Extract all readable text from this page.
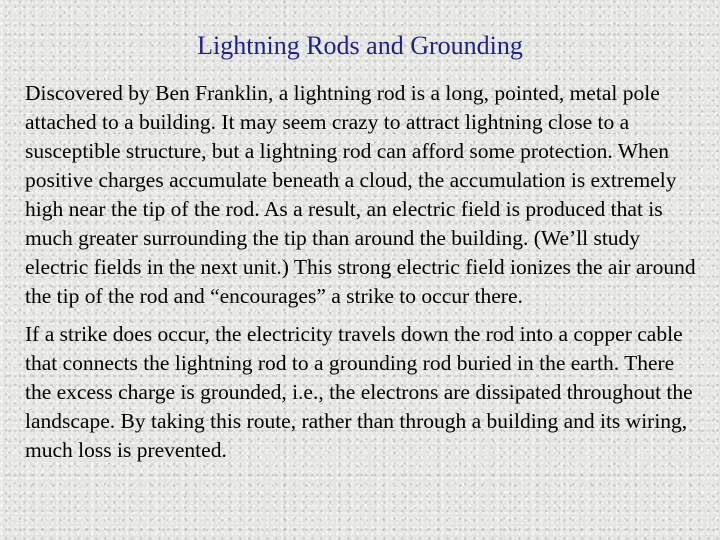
Lightning Rods and Grounding

Discovered by Ben Franklin, a lightning rod is a long, pointed, metal pole attached to a building. It may seem crazy to attract lightning close to a susceptible structure, but a lightning rod can afford some protection. When positive charges accumulate beneath a cloud, the accumulation is extremely high near the tip of the rod. As a result, an electric field is produced that is much greater surrounding the tip than around the building. (We’ll study electric fields in the next unit.) This strong electric field ionizes the air around the tip of the rod and “encourages” a strike to occur there.

If a strike does occur, the electricity travels down the rod into a copper cable that connects the lightning rod to a grounding rod buried in the earth. There the excess charge is grounded, i.e., the electrons are dissipated throughout the landscape. By taking this route, rather than through a building and its wiring, much loss is prevented.
